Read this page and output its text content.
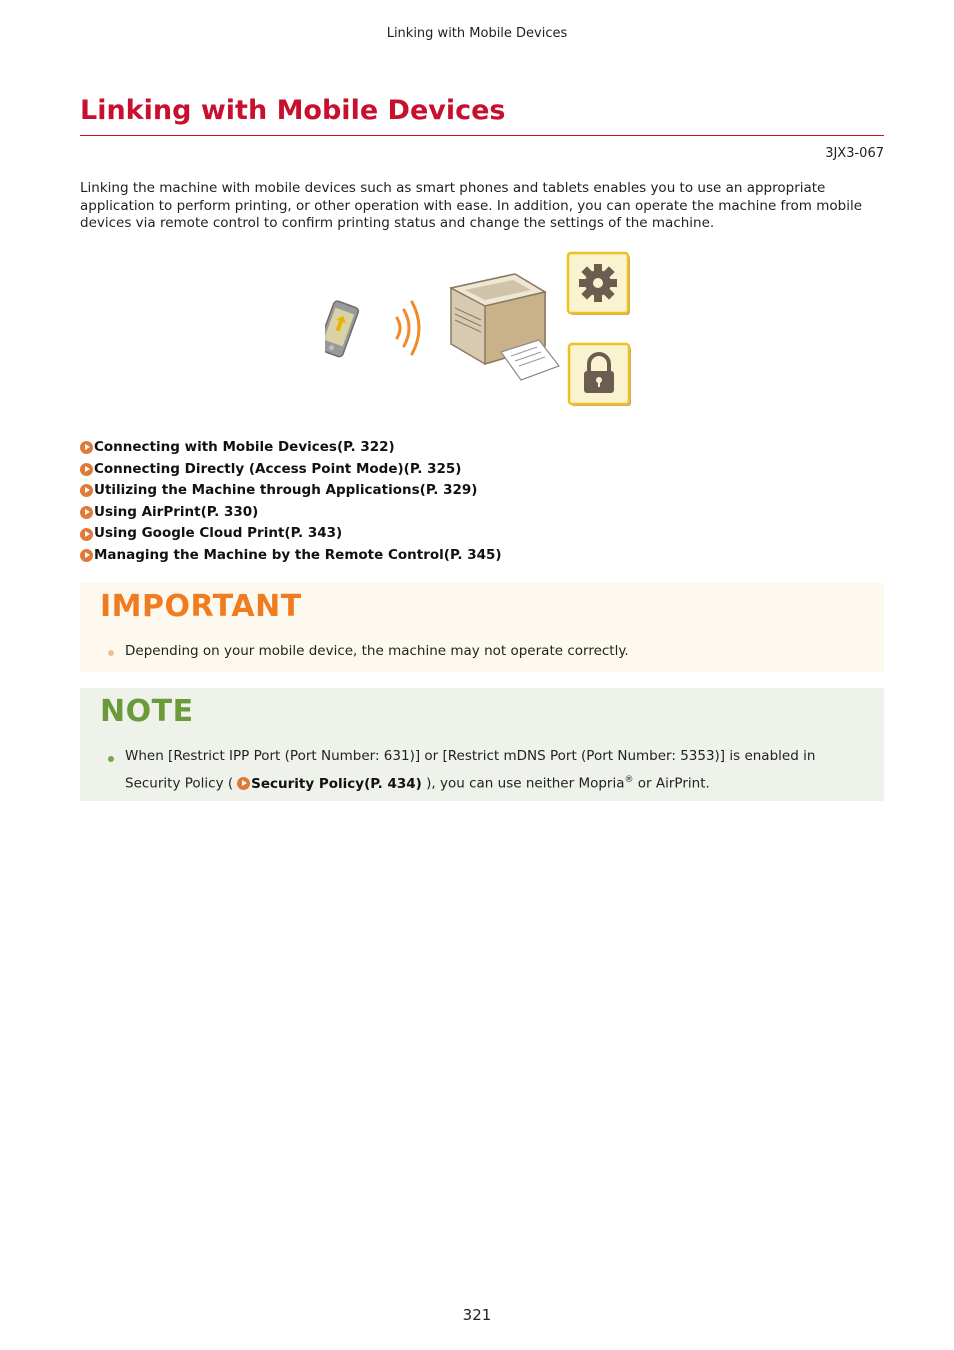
Linking with Mobile Devices
Linking with Mobile Devices
3JX3-067

Linking the machine with mobile devices such as smart phones and tablets enables you to use an appropriate application to perform printing, or other operation with ease. In addition, you can operate the machine from mobile devices via remote control to confirm printing status and change the settings of the machine.

Connecting with Mobile Devices(P. 322)
Connecting Directly (Access Point Mode)(P. 325)
Utilizing the Machine through Applications(P. 329)
Using AirPrint(P. 330)
Using Google Cloud Print(P. 343)
Managing the Machine by the Remote Control(P. 345)
IMPORTANT
Depending on your mobile device, the machine may not operate correctly.
NOTE
When [Restrict IPP Port (Port Number: 631)] or [Restrict mDNS Port (Port Number: 5353)] is enabled in Security Policy ( Security Policy(P. 434) ), you can use neither Mopria® or AirPrint.
321
